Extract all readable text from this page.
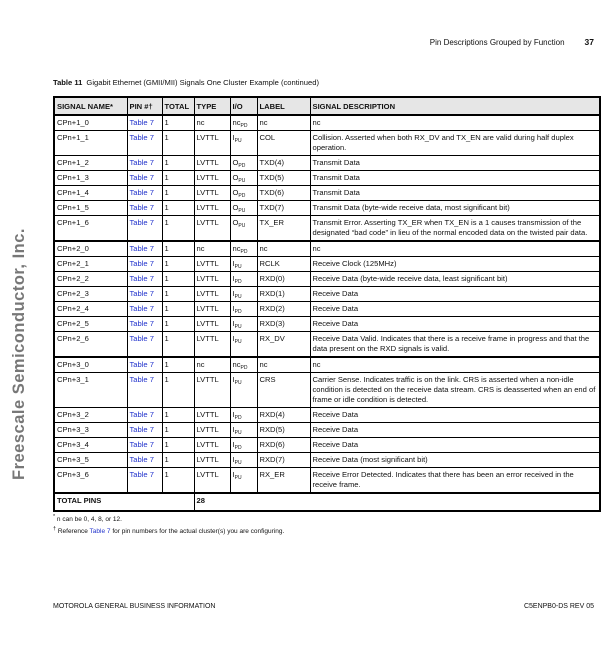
Pin Descriptions Grouped by Function 37
Freescale Semiconductor, Inc.
Table 11 Gigabit Ethernet (GMII/MII) Signals One Cluster Example (continued)
SIGNAL NAME*	PIN #†	TOTAL	TYPE	I/O	LABEL	SIGNAL DESCRIPTION
CPn+1_0	Table 7	1	nc	$nc_{PD}$	nc	nc
CPn+1_1	Table 7	1	LVTTL	$I_{PU}$	COL	Collision. Asserted when both RX_DV and TX_EN are valid during half duplex operation.
CPn+1_2	Table 7	1	LVTTL	$O_{PD}$	TXD(4)	Transmit Data
CPn+1_3	Table 7	1	LVTTL	$O_{PU}$	TXD(5)	Transmit Data
CPn+1_4	Table 7	1	LVTTL	$O_{PD}$	TXD(6)	Transmit Data
CPn+1_5	Table 7	1	LVTTL	$O_{PU}$	TXD(7)	Transmit Data (byte-wide receive data, most significant bit)
CPn+1_6	Table 7	1	LVTTL	$O_{PU}$	TX_ER	Transmit Error. Asserting TX_ER when TX_EN is a 1 causes transmission of the designated “bad code” in lieu of the normal encoded data on the twisted pair data.
CPn+2_0	Table 7	1	nc	$nc_{PD}$	nc	nc
CPn+2_1	Table 7	1	LVTTL	$I_{PU}$	RCLK	Receive Clock (125MHz)
CPn+2_2	Table 7	1	LVTTL	$I_{PD}$	RXD(0)	Receive Data (byte-wide receive data, least significant bit)
CPn+2_3	Table 7	1	LVTTL	$I_{PU}$	RXD(1)	Receive Data
CPn+2_4	Table 7	1	LVTTL	$I_{PD}$	RXD(2)	Receive Data
CPn+2_5	Table 7	1	LVTTL	$I_{PU}$	RXD(3)	Receive Data
CPn+2_6	Table 7	1	LVTTL	$I_{PU}$	RX_DV	Receive Data Valid. Indicates that there is a receive frame in progress and that the data present on the RXD signals is valid.
CPn+3_0	Table 7	1	nc	$nc_{PD}$	nc	nc
CPn+3_1	Table 7	1	LVTTL	$I_{PU}$	CRS	Carrier Sense. Indicates traffic is on the link. CRS is asserted when a non-idle condition is detected on the receive data stream. CRS is deasserted when an end of frame or idle condition is detected.
CPn+3_2	Table 7	1	LVTTL	$I_{PD}$	RXD(4)	Receive Data
CPn+3_3	Table 7	1	LVTTL	$I_{PU}$	RXD(5)	Receive Data
CPn+3_4	Table 7	1	LVTTL	$I_{PD}$	RXD(6)	Receive Data
CPn+3_5	Table 7	1	LVTTL	$I_{PU}$	RXD(7)	Receive Data (most significant bit)
CPn+3_6	Table 7	1	LVTTL	$I_{PU}$	RX_ER	Receive Error Detected. Indicates that there has been an error received in the receive frame.
TOTAL PINS			28			
* n can be 0, 4, 8, or 12.
† Reference Table 7 for pin numbers for the actual cluster(s) you are configuring.
MOTOROLA GENERAL BUSINESS INFORMATION	C5ENPB0-DS REV 05
